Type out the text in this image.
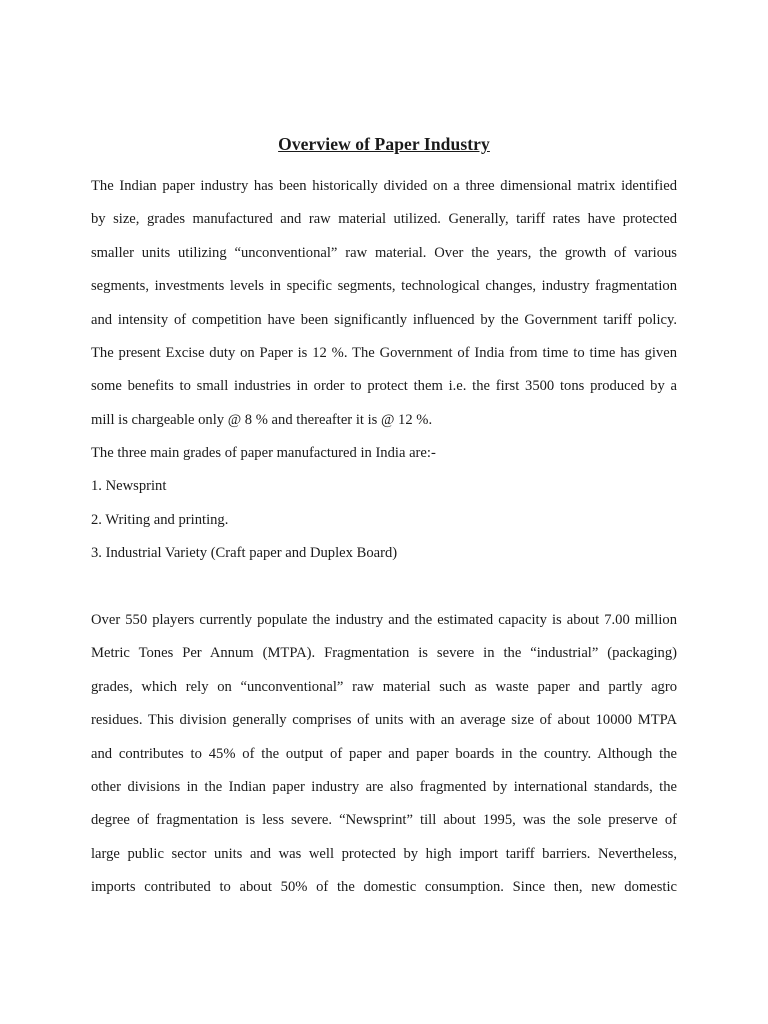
Overview of Paper Industry
The Indian paper industry has been historically divided on a three dimensional matrix identified
by size, grades manufactured and raw material utilized. Generally, tariff rates have protected
smaller units utilizing “unconventional” raw material. Over the years, the growth of various
segments, investments levels in specific segments, technological changes, industry fragmentation
and intensity of competition have been significantly influenced by the Government tariff policy.
The present Excise duty on Paper is 12 %. The Government of India from time to time has given
some benefits to small industries in order to protect them i.e. the first 3500 tons produced by a
mill is chargeable only @ 8 % and thereafter it is @ 12 %.
The three main grades of paper manufactured in India are:-
1. Newsprint
2. Writing and printing.
3. Industrial Variety (Craft paper and Duplex Board)
Over 550 players currently populate the industry and the estimated capacity is about 7.00 million
Metric Tones Per Annum (MTPA). Fragmentation is severe in the “industrial” (packaging)
grades, which rely on “unconventional” raw material such as waste paper and partly agro
residues. This division generally comprises of units with an average size of about 10000 MTPA
and contributes to 45% of the output of paper and paper boards in the country. Although the
other divisions in the Indian paper industry are also fragmented by international standards, the
degree of fragmentation is less severe. “Newsprint” till about 1995, was the sole preserve of
large public sector units and was well protected by high import tariff barriers. Nevertheless,
imports contributed to about 50% of the domestic consumption. Since then, new domestic
